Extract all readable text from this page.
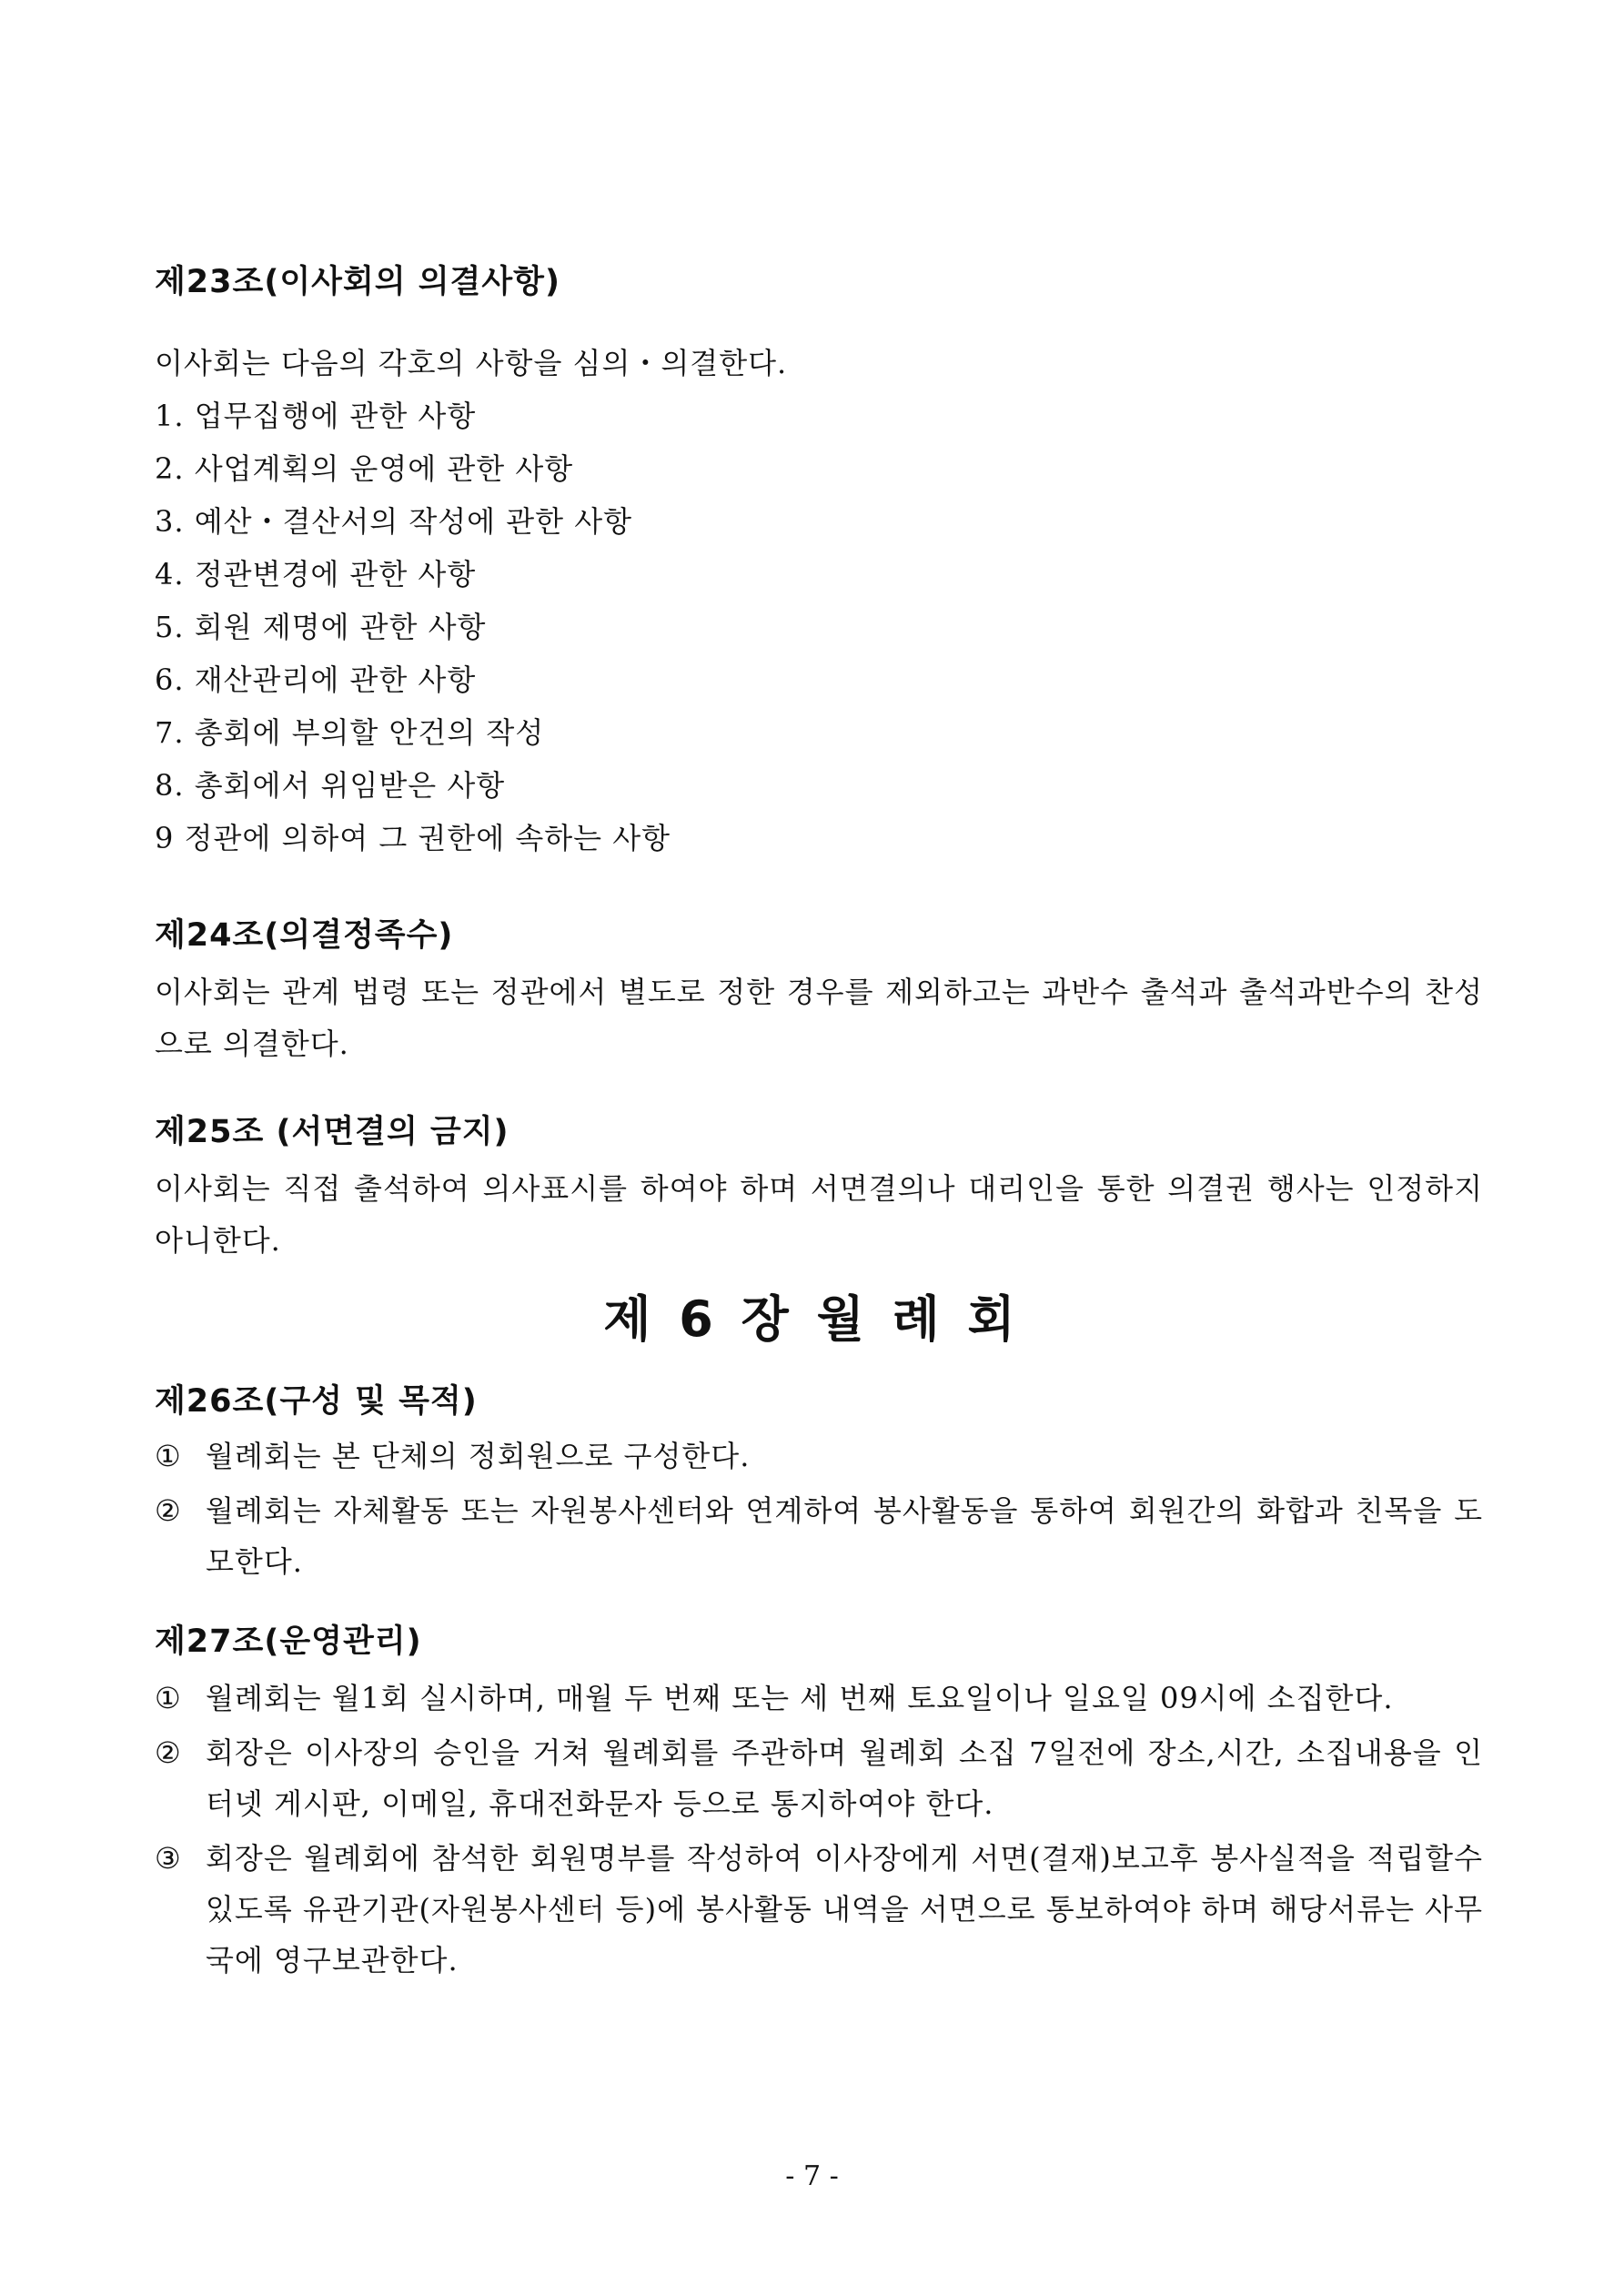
제23조(이사회의 의결사항)

이사회는 다음의 각호의 사항을 심의・의결한다.

1. 업무집행에 관한 사항
2. 사업계획의 운영에 관한 사항
3. 예산・결산서의 작성에 관한 사항
4. 정관변경에 관한 사항
5. 회원 제명에 관한 사항
6. 재산관리에 관한 사항
7. 총회에 부의할 안건의 작성
8. 총회에서 위임받은 사항
9 정관에 의하여 그 권한에 속하는 사항
제24조(의결정족수)

이사회는 관계 법령 또는 정관에서 별도로 정한 경우를 제외하고는 과반수 출석과 출석과반수의 찬성으로 의결한다.

제25조 (서면결의 금지)

이사회는 직접 출석하여 의사표시를 하여야 하며 서면결의나 대리인을 통한 의결권 행사는 인정하지 아니한다.

제 6 장 월 례 회
제26조(구성 및 목적)
① 월례회는 본 단체의 정회원으로 구성한다.
② 월례회는 자체활동 또는 자원봉사센터와 연계하여 봉사활동을 통하여 회원간의 화합과 친목을 도모한다.
제27조(운영관리)
① 월례회는 월1회 실시하며, 매월 두 번째 또는 세 번째 토요일이나 일요일 09시에 소집한다.
② 회장은 이사장의 승인을 거쳐 월례회를 주관하며 월례회 소집 7일전에 장소,시간, 소집내용을 인터넷 게시판, 이메일, 휴대전화문자 등으로 통지하여야 한다.
③ 회장은 월례회에 참석한 회원명부를 작성하여 이사장에게 서면(결재)보고후 봉사실적을 적립할수 있도록 유관기관(자원봉사센터 등)에 봉사활동 내역을 서면으로 통보하여야 하며 해당서류는 사무국에 영구보관한다.
- 7 -
